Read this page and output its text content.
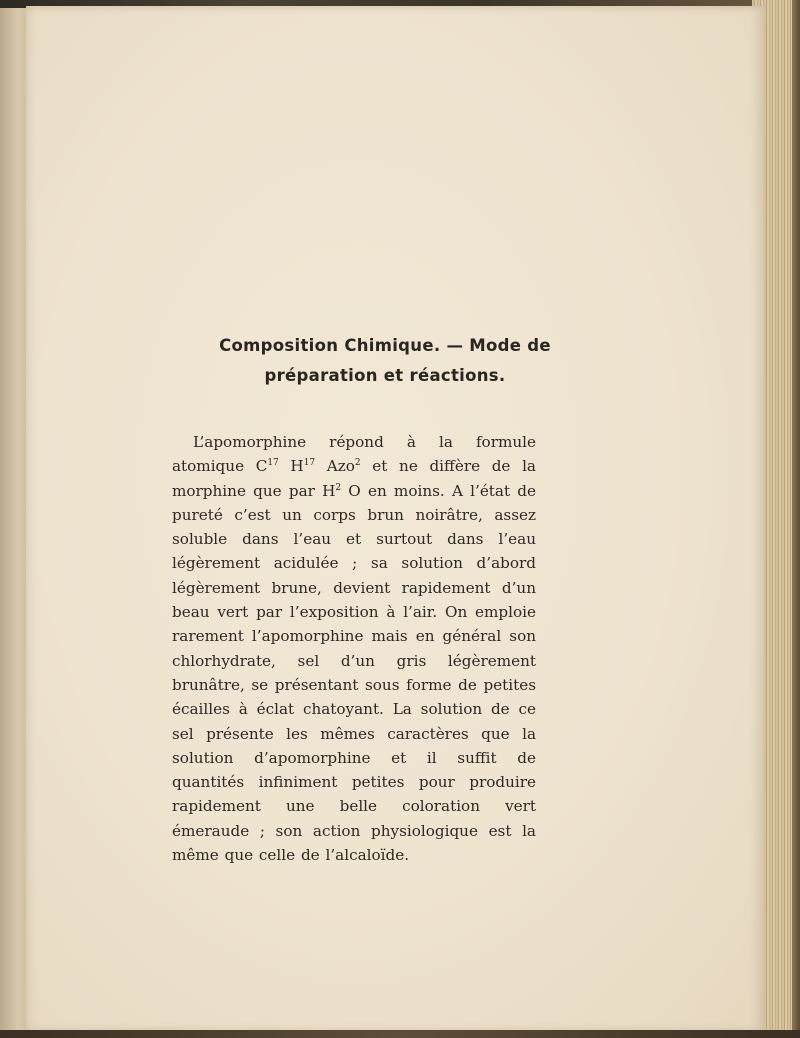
Composition Chimique. — Mode de
préparation et réactions.

L’apomorphine répond à la formule atomique $C^{17}$ $H^{17}$ Azo$^2$ et ne diffère de la morphine que par $H^2$ O en moins. A l’état de pureté c’est un corps brun noirâtre, assez soluble dans l’eau et surtout dans l’eau légèrement acidulée ; sa solution d’abord légèrement brune, devient rapidement d’un beau vert par l’exposition à l’air. On emploie rarement l’apomorphine mais en général son chlorhydrate, sel d’un gris légèrement brunâtre, se présentant sous forme de petites écailles à éclat chatoyant. La solution de ce sel présente les mêmes caractères que la solution d’apomorphine et il suffit de quantités infiniment petites pour produire rapidement une belle coloration vert émeraude ; son action physiologique est la même que celle de l’alcaloïde.
